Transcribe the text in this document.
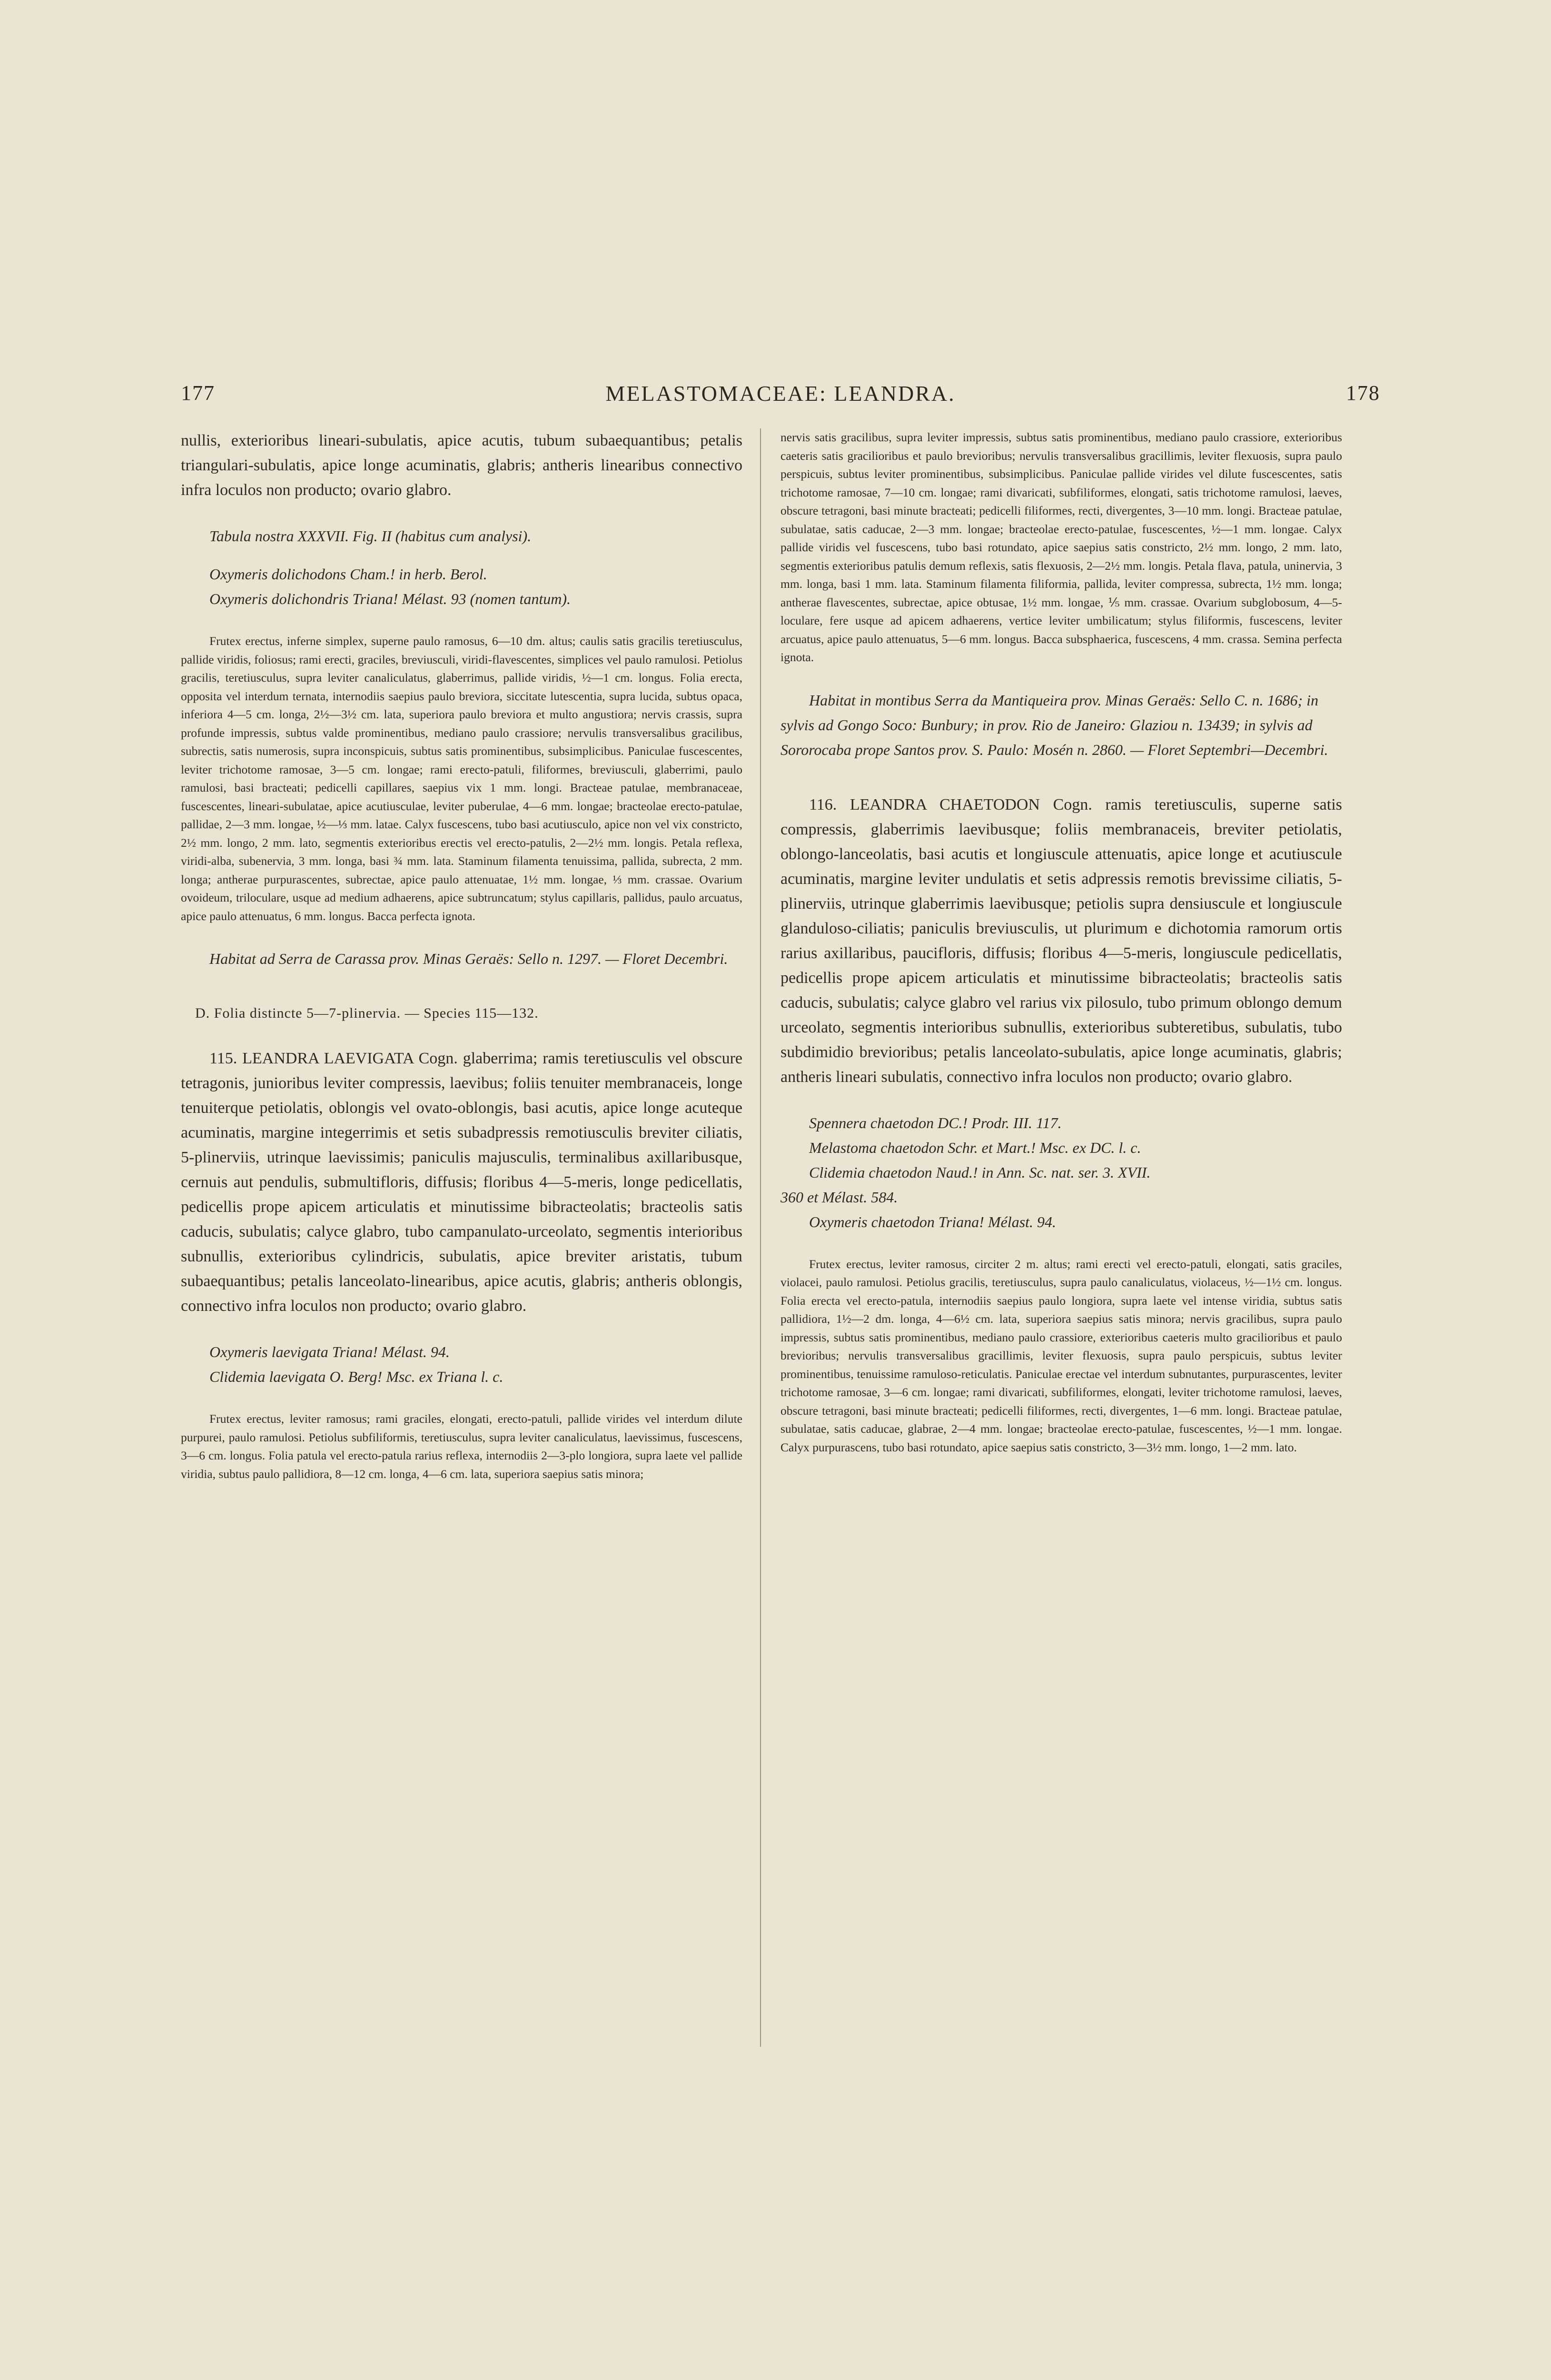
177	MELASTOMACEAE: LEANDRA.	178

nullis, exterioribus lineari-subulatis, apice acutis, tubum subaequantibus; petalis triangulari-subulatis, apice longe acuminatis, glabris; antheris linearibus connectivo infra loculos non producto; ovario glabro.

Tabula nostra XXXVII. Fig. II (habitus cum analysi).

Oxymeris dolichodons Cham.! in herb. Berol.

Oxymeris dolichondris Triana! Mélast. 93 (nomen tantum).

Frutex erectus, inferne simplex, superne paulo ramosus, 6—10 dm. altus; caulis satis gracilis teretiusculus, pallide viridis, foliosus; rami erecti, graciles, breviusculi, viridi-flavescentes, simplices vel paulo ramulosi. Petiolus gracilis, teretiusculus, supra leviter canaliculatus, glaberrimus, pallide viridis, ½—1 cm. longus. Folia erecta, opposita vel interdum ternata, internodiis saepius paulo breviora, siccitate lutescentia, supra lucida, subtus opaca, inferiora 4—5 cm. longa, 2½—3½ cm. lata, superiora paulo breviora et multo angustiora; nervis crassis, supra profunde impressis, subtus valde prominentibus, mediano paulo crassiore; nervulis transversalibus gracilibus, subrectis, satis numerosis, supra inconspicuis, subtus satis prominentibus, subsimplicibus. Paniculae fuscescentes, leviter trichotome ramosae, 3—5 cm. longae; rami erecto-patuli, filiformes, breviusculi, glaberrimi, paulo ramulosi, basi bracteati; pedicelli capillares, saepius vix 1 mm. longi. Bracteae patulae, membranaceae, fuscescentes, lineari-subulatae, apice acutiusculae, leviter puberulae, 4—6 mm. longae; bracteolae erecto-patulae, pallidae, 2—3 mm. longae, ½—⅓ mm. latae. Calyx fuscescens, tubo basi acutiusculo, apice non vel vix constricto, 2½ mm. longo, 2 mm. lato, segmentis exterioribus erectis vel erecto-patulis, 2—2½ mm. longis. Petala reflexa, viridi-alba, subenervia, 3 mm. longa, basi ¾ mm. lata. Staminum filamenta tenuissima, pallida, subrecta, 2 mm. longa; antherae purpurascentes, subrectae, apice paulo attenuatae, 1½ mm. longae, ⅓ mm. crassae. Ovarium ovoideum, triloculare, usque ad medium adhaerens, apice subtruncatum; stylus capillaris, pallidus, paulo arcuatus, apice paulo attenuatus, 6 mm. longus. Bacca perfecta ignota.

Habitat ad Serra de Carassa prov. Minas Geraës: Sello n. 1297. — Floret Decembri.

D. Folia distincte 5—7-plinervia. — Species 115—132.

115. LEANDRA LAEVIGATA Cogn. glaberrima; ramis teretiusculis vel obscure tetragonis, junioribus leviter compressis, laevibus; foliis tenuiter membranaceis, longe tenuiterque petiolatis, oblongis vel ovato-oblongis, basi acutis, apice longe acuteque acuminatis, margine integerrimis et setis subadpressis remotiusculis breviter ciliatis, 5-plinerviis, utrinque laevissimis; paniculis majusculis, terminalibus axillaribusque, cernuis aut pendulis, submultifloris, diffusis; floribus 4—5-meris, longe pedicellatis, pedicellis prope apicem articulatis et minutissime bibracteolatis; bracteolis satis caducis, subulatis; calyce glabro, tubo campanulato-urceolato, segmentis interioribus subnullis, exterioribus cylindricis, subulatis, apice breviter aristatis, tubum subaequantibus; petalis lanceolato-linearibus, apice acutis, glabris; antheris oblongis, connectivo infra loculos non producto; ovario glabro.

Oxymeris laevigata Triana! Mélast. 94.

Clidemia laevigata O. Berg! Msc. ex Triana l. c.

Frutex erectus, leviter ramosus; rami graciles, elongati, erecto-patuli, pallide virides vel interdum dilute purpurei, paulo ramulosi. Petiolus subfiliformis, teretiusculus, supra leviter canaliculatus, laevissimus, fuscescens, 3—6 cm. longus. Folia patula vel erecto-patula rarius reflexa, internodiis 2—3-plo longiora, supra laete vel pallide viridia, subtus paulo pallidiora, 8—12 cm. longa, 4—6 cm. lata, superiora saepius satis minora;

nervis satis gracilibus, supra leviter impressis, subtus satis prominentibus, mediano paulo crassiore, exterioribus caeteris satis gracilioribus et paulo brevioribus; nervulis transversalibus gracillimis, leviter flexuosis, supra paulo perspicuis, subtus leviter prominentibus, subsimplicibus. Paniculae pallide virides vel dilute fuscescentes, satis trichotome ramosae, 7—10 cm. longae; rami divaricati, subfiliformes, elongati, satis trichotome ramulosi, laeves, obscure tetragoni, basi minute bracteati; pedicelli filiformes, recti, divergentes, 3—10 mm. longi. Bracteae patulae, subulatae, satis caducae, 2—3 mm. longae; bracteolae erecto-patulae, fuscescentes, ½—1 mm. longae. Calyx pallide viridis vel fuscescens, tubo basi rotundato, apice saepius satis constricto, 2½ mm. longo, 2 mm. lato, segmentis exterioribus patulis demum reflexis, satis flexuosis, 2—2½ mm. longis. Petala flava, patula, uninervia, 3 mm. longa, basi 1 mm. lata. Staminum filamenta filiformia, pallida, leviter compressa, subrecta, 1½ mm. longa; antherae flavescentes, subrectae, apice obtusae, 1½ mm. longae, ⅕ mm. crassae. Ovarium subglobosum, 4—5-loculare, fere usque ad apicem adhaerens, vertice leviter umbilicatum; stylus filiformis, fuscescens, leviter arcuatus, apice paulo attenuatus, 5—6 mm. longus. Bacca subsphaerica, fuscescens, 4 mm. crassa. Semina perfecta ignota.

Habitat in montibus Serra da Mantiqueira prov. Minas Geraës: Sello C. n. 1686; in sylvis ad Gongo Soco: Bunbury; in prov. Rio de Janeiro: Glaziou n. 13439; in sylvis ad Sororocaba prope Santos prov. S. Paulo: Mosén n. 2860. — Floret Septembri—Decembri.

116. LEANDRA CHAETODON Cogn. ramis teretiusculis, superne satis compressis, glaberrimis laevibusque; foliis membranaceis, breviter petiolatis, oblongo-lanceolatis, basi acutis et longiuscule attenuatis, apice longe et acutiuscule acuminatis, margine leviter undulatis et setis adpressis remotis brevissime ciliatis, 5-plinerviis, utrinque glaberrimis laevibusque; petiolis supra densiuscule et longiuscule glanduloso-ciliatis; paniculis breviusculis, ut plurimum e dichotomia ramorum ortis rarius axillaribus, paucifloris, diffusis; floribus 4—5-meris, longiuscule pedicellatis, pedicellis prope apicem articulatis et minutissime bibracteolatis; bracteolis satis caducis, subulatis; calyce glabro vel rarius vix pilosulo, tubo primum oblongo demum urceolato, segmentis interioribus subnullis, exterioribus subteretibus, subulatis, tubo subdimidio brevioribus; petalis lanceolato-subulatis, apice longe acuminatis, glabris; antheris lineari subulatis, connectivo infra loculos non producto; ovario glabro.

Spennera chaetodon DC.! Prodr. III. 117.

Melastoma chaetodon Schr. et Mart.! Msc. ex DC. l. c.

Clidemia chaetodon Naud.! in Ann. Sc. nat. ser. 3. XVII.

360 et Mélast. 584.

Oxymeris chaetodon Triana! Mélast. 94.

Frutex erectus, leviter ramosus, circiter 2 m. altus; rami erecti vel erecto-patuli, elongati, satis graciles, violacei, paulo ramulosi. Petiolus gracilis, teretiusculus, supra paulo canaliculatus, violaceus, ½—1½ cm. longus. Folia erecta vel erecto-patula, internodiis saepius paulo longiora, supra laete vel intense viridia, subtus satis pallidiora, 1½—2 dm. longa, 4—6½ cm. lata, superiora saepius satis minora; nervis gracilibus, supra paulo impressis, subtus satis prominentibus, mediano paulo crassiore, exterioribus caeteris multo gracilioribus et paulo brevioribus; nervulis transversalibus gracillimis, leviter flexuosis, supra paulo perspicuis, subtus leviter prominentibus, tenuissime ramuloso-reticulatis. Paniculae erectae vel interdum subnutantes, purpurascentes, leviter trichotome ramosae, 3—6 cm. longae; rami divaricati, subfiliformes, elongati, leviter trichotome ramulosi, laeves, obscure tetragoni, basi minute bracteati; pedicelli filiformes, recti, divergentes, 1—6 mm. longi. Bracteae patulae, subulatae, satis caducae, glabrae, 2—4 mm. longae; bracteolae erecto-patulae, fuscescentes, ½—1 mm. longae. Calyx purpurascens, tubo basi rotundato, apice saepius satis constricto, 3—3½ mm. longo, 1—2 mm. lato.
